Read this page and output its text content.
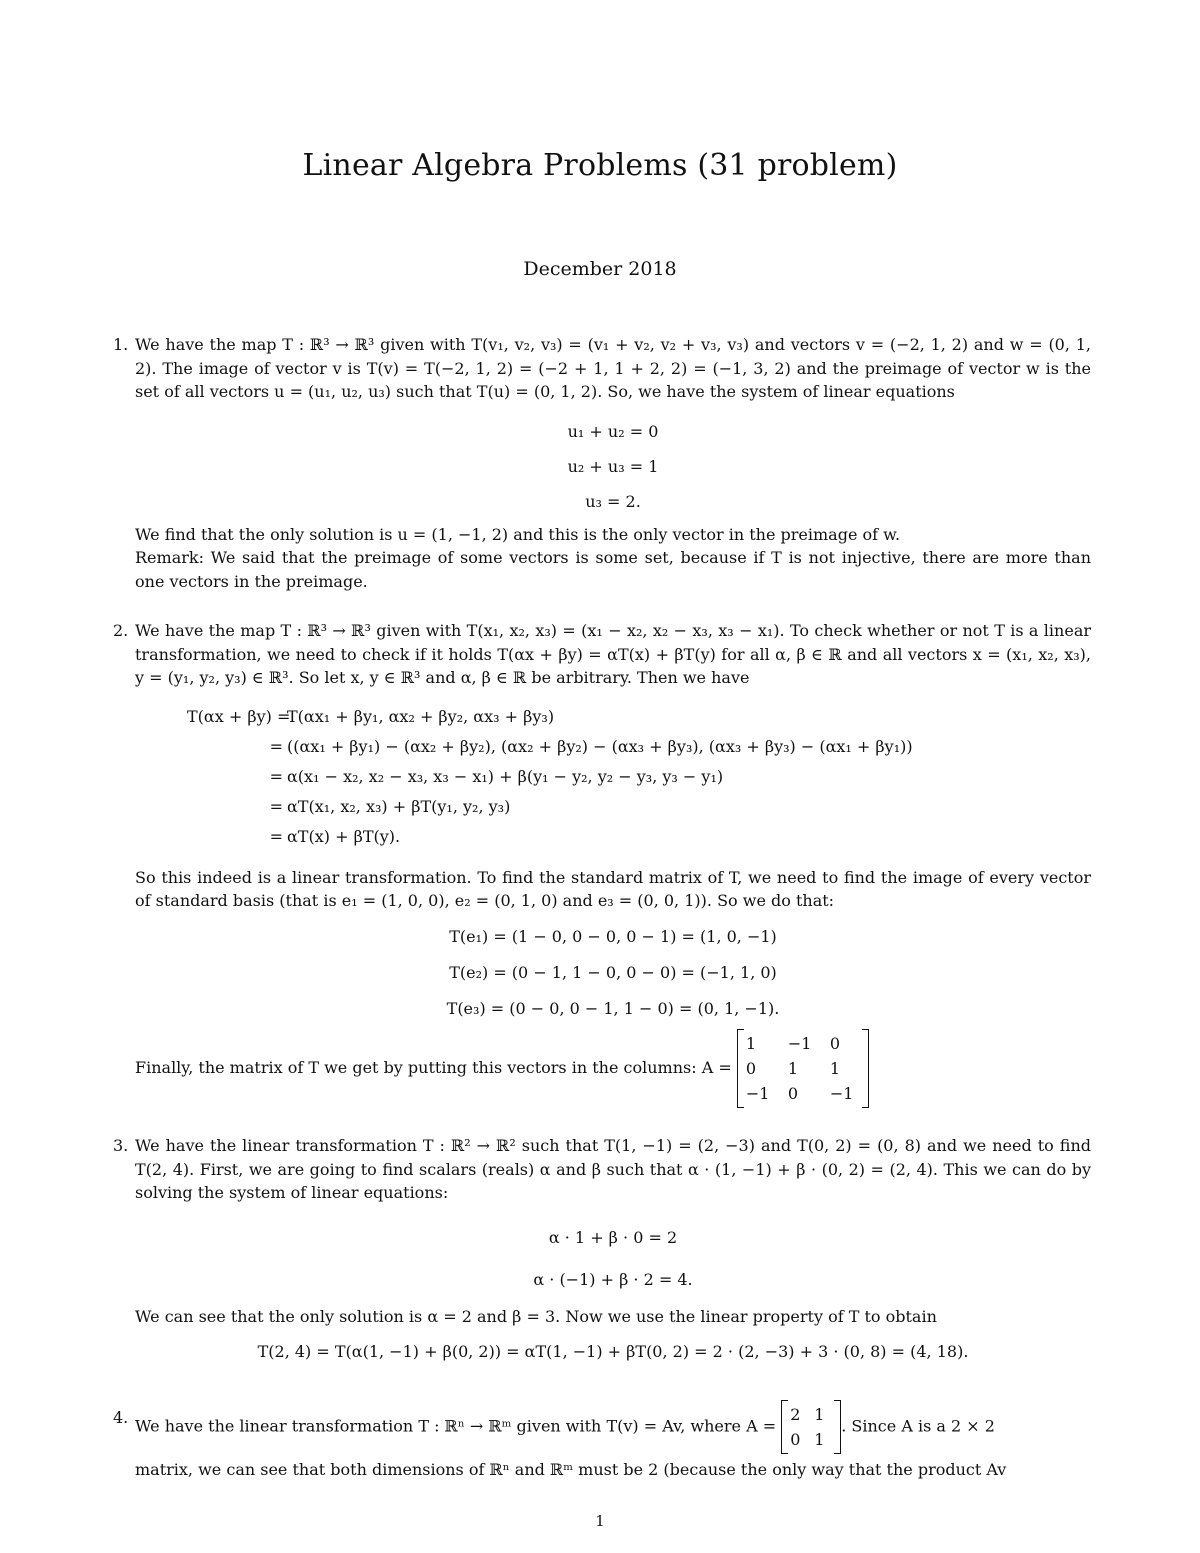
Linear Algebra Problems (31 problem)
December 2018
1. We have the map T : ℝ³ → ℝ³ given with T(v₁, v₂, v₃) = (v₁ + v₂, v₂ + v₃, v₃) and vectors v = (−2, 1, 2) and w = (0, 1, 2). The image of vector v is T(v) = T(−2, 1, 2) = (−2 + 1, 1 + 2, 2) = (−1, 3, 2) and the preimage of vector w is the set of all vectors u = (u₁, u₂, u₃) such that T(u) = (0, 1, 2). So, we have the system of linear equations

u₁ + u₂ = 0

u₂ + u₃ = 1

u₃ = 2.

We find that the only solution is u = (1, −1, 2) and this is the only vector in the preimage of w.

Remark: We said that the preimage of some vectors is some set, because if T is not injective, there are more than one vectors in the preimage.

2. We have the map T : ℝ³ → ℝ³ given with T(x₁, x₂, x₃) = (x₁ − x₂, x₂ − x₃, x₃ − x₁). To check whether or not T is a linear transformation, we need to check if it holds T(αx + βy) = αT(x) + βT(y) for all α, β ∈ ℝ and all vectors x = (x₁, x₂, x₃), y = (y₁, y₂, y₃) ∈ ℝ³. So let x, y ∈ ℝ³ and α, β ∈ ℝ be arbitrary. Then we have

T(αx + βy) =
T(αx₁ + βy₁, αx₂ + βy₂, αx₃ + βy₃)
= ((αx₁ + βy₁) − (αx₂ + βy₂), (αx₂ + βy₂) − (αx₃ + βy₃), (αx₃ + βy₃) − (αx₁ + βy₁))
= α(x₁ − x₂, x₂ − x₃, x₃ − x₁) + β(y₁ − y₂, y₂ − y₃, y₃ − y₁)
= αT(x₁, x₂, x₃) + βT(y₁, y₂, y₃)
= αT(x) + βT(y).

So this indeed is a linear transformation. To find the standard matrix of T, we need to find the image of every vector of standard basis (that is e₁ = (1, 0, 0), e₂ = (0, 1, 0) and e₃ = (0, 0, 1)). So we do that:

T(e₁) = (1 − 0, 0 − 0, 0 − 1) = (1, 0, −1)

T(e₂) = (0 − 1, 1 − 0, 0 − 0) = (−1, 1, 0)

T(e₃) = (0 − 0, 0 − 1, 1 − 0) = (0, 1, −1).

Finally, the matrix of T we get by putting this vectors in the columns: A =
1	−1	0
0	1	1
−1	0	−1

3. We have the linear transformation T : ℝ² → ℝ² such that T(1, −1) = (2, −3) and T(0, 2) = (0, 8) and we need to find T(2, 4). First, we are going to find scalars (reals) α and β such that α · (1, −1) + β · (0, 2) = (2, 4). This we can do by solving the system of linear equations:

α · 1 + β · 0 = 2

α · (−1) + β · 2 = 4.

We can see that the only solution is α = 2 and β = 3. Now we use the linear property of T to obtain

T(2, 4) = T(α(1, −1) + β(0, 2)) = αT(1, −1) + βT(0, 2) = 2 · (2, −3) + 3 · (0, 8) = (4, 18).

4. We have the linear transformation T : ℝⁿ → ℝᵐ given with T(v) = Av, where A =
2 1
0 1
. Since A is a 2 × 2

matrix, we can see that both dimensions of ℝⁿ and ℝᵐ must be 2 (because the only way that the product Av

1
